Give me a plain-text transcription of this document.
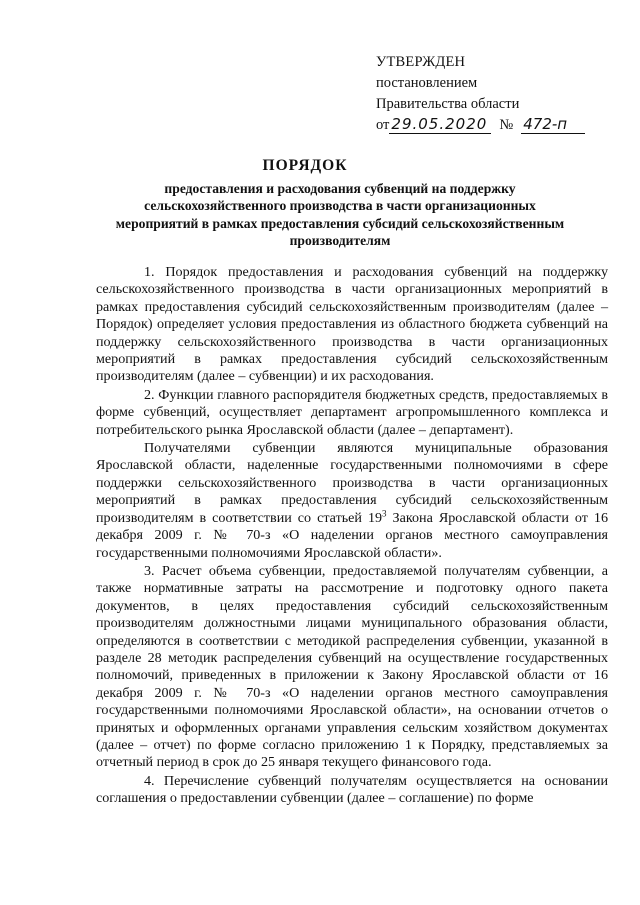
УТВЕРЖДЕН
постановлением
Правительства области
от 29.05.2020 № 472-п
ПОРЯДОК
предоставления и расходования субвенций на поддержку сельскохозяйственного производства в части организационных мероприятий в рамках предоставления субсидий сельскохозяйственным производителям

1. Порядок предоставления и расходования субвенций на поддержку сельскохозяйственного производства в части организационных мероприятий в рамках предоставления субсидий сельскохозяйственным производителям (далее – Порядок) определяет условия предоставления из областного бюджета субвенций на поддержку сельскохозяйственного производства в части организационных мероприятий в рамках предоставления субсидий сельскохозяйственным производителям (далее – субвенции) и их расходования.

2. Функции главного распорядителя бюджетных средств, предоставляемых в форме субвенций, осуществляет департамент агропромышленного комплекса и потребительского рынка Ярославской области (далее – департамент).

Получателями субвенции являются муниципальные образования Ярославской области, наделенные государственными полномочиями в сфере поддержки сельскохозяйственного производства в части организационных мероприятий в рамках предоставления субсидий сельскохозяйственным производителям в соответствии со статьей $19^3$ Закона Ярославской области от 16 декабря 2009 г. № 70-з «О наделении органов местного самоуправления государственными полномочиями Ярославской области».

3. Расчет объема субвенции, предоставляемой получателям субвенции, а также нормативные затраты на рассмотрение и подготовку одного пакета документов, в целях предоставления субсидий сельскохозяйственным производителям должностными лицами муниципального образования области, определяются в соответствии с методикой распределения субвенции, указанной в разделе 28 методик распределения субвенций на осуществление государственных полномочий, приведенных в приложении к Закону Ярославской области от 16 декабря 2009 г. № 70-з «О наделении органов местного самоуправления государственными полномочиями Ярославской области», на основании отчетов о принятых и оформленных органами управления сельским хозяйством документах (далее – отчет) по форме согласно приложению 1 к Порядку, представляемых за отчетный период в срок до 25 января текущего финансового года.

4. Перечисление субвенций получателям осуществляется на основании соглашения о предоставлении субвенции (далее – соглашение) по форме
